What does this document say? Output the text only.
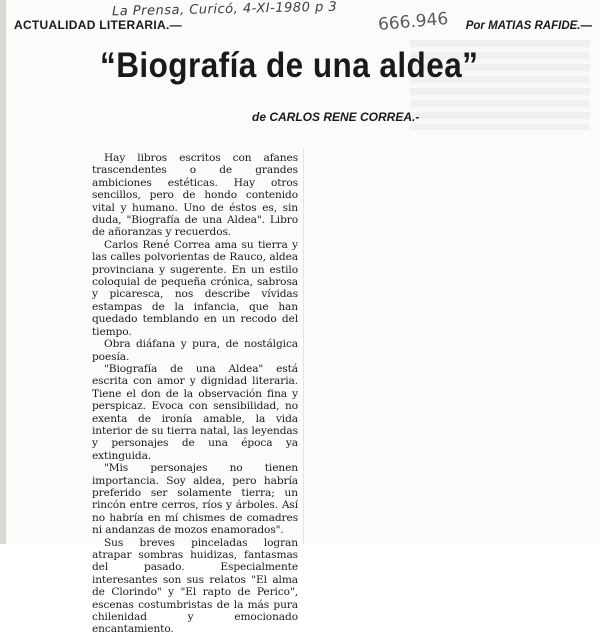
La Prensa, Curicó, 4-XI-1980 p 3 666.946
ACTUALIDAD LITERARIA.—	Por MATIAS RAFIDE.—
“Biografía de una aldea”
de CARLOS RENE CORREA.-

Hay libros escritos con afanes trascendentes o de grandes ambiciones estéticas. Hay otros sencillos, pero de hondo contenido vital y humano. Uno de éstos es, sin duda, "Biografía de una Aldea". Libro de añoranzas y recuerdos.

Carlos René Correa ama su tierra y las calles polvorientas de Rauco, aldea provinciana y sugerente. En un estilo coloquial de pequeña crónica, sabrosa y picaresca, nos describe vívidas estampas de la infancia, que han quedado temblando en un recodo del tiempo.

Obra diáfana y pura, de nostálgica poesía.

"Biografía de una Aldea" está escrita con amor y dignidad literaria. Tiene el don de la observación fina y perspicaz. Evoca con sensibilidad, no exenta de ironía amable, la vida interior de su tierra natal, las leyendas y personajes de una época ya extinguida.

"Mis personajes no tienen importancia. Soy aldea, pero habría preferido ser solamente tierra; un rincón entre cerros, ríos y árboles. Así no habría en mí chismes de comadres ni andanzas de mozos enamorados".

Sus breves pinceladas logran atrapar sombras huidizas, fantasmas del pasado. Especialmente interesantes son sus relatos "El alma de Clorindo" y "El rapto de Perico", escenas costumbristas de la más pura chilenidad y emocionado encantamiento.
